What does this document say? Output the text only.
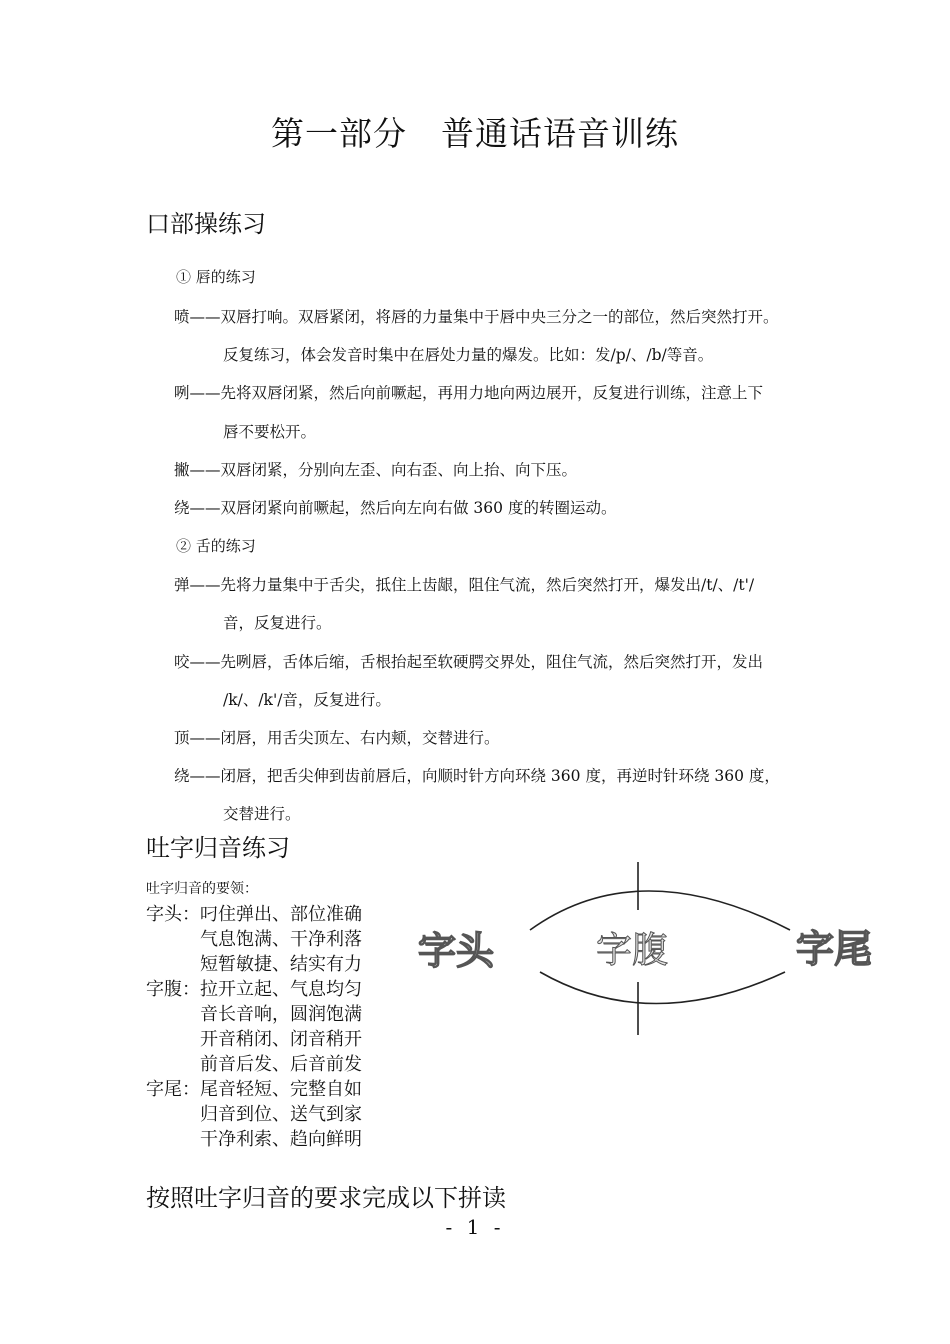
第一部分　普通话语音训练
口部操练习
① 唇的练习
喷——双唇打响。双唇紧闭，将唇的力量集中于唇中央三分之一的部位，然后突然打开。
反复练习，体会发音时集中在唇处力量的爆发。比如：发/p/、/b/等音。
咧——先将双唇闭紧，然后向前噘起，再用力地向两边展开，反复进行训练，注意上下
唇不要松开。
撇——双唇闭紧，分别向左歪、向右歪、向上抬、向下压。
绕——双唇闭紧向前噘起，然后向左向右做 360 度的转圈运动。
② 舌的练习
弹——先将力量集中于舌尖，抵住上齿龈，阻住气流，然后突然打开，爆发出/t/、/t'/
音，反复进行。
咬——先咧唇，舌体后缩，舌根抬起至软硬腭交界处，阻住气流，然后突然打开，发出
/k/、/k'/音，反复进行。
顶——闭唇，用舌尖顶左、右内颊，交替进行。
绕——闭唇，把舌尖伸到齿前唇后，向顺时针方向环绕 360 度，再逆时针环绕 360 度，
交替进行。
吐字归音练习
吐字归音的要领：
字头：叼住弹出、部位准确
　　　气息饱满、干净利落
　　　短暂敏捷、结实有力
字腹：拉开立起、气息均匀
　　　音长音响，圆润饱满
　　　开音稍闭、闭音稍开
　　　前音后发、后音前发
字尾：尾音轻短、完整自如
　　　归音到位、送气到家
　　　干净利索、趋向鲜明
字头	字腹	字尾
按照吐字归音的要求完成以下拼读
- 1 -
